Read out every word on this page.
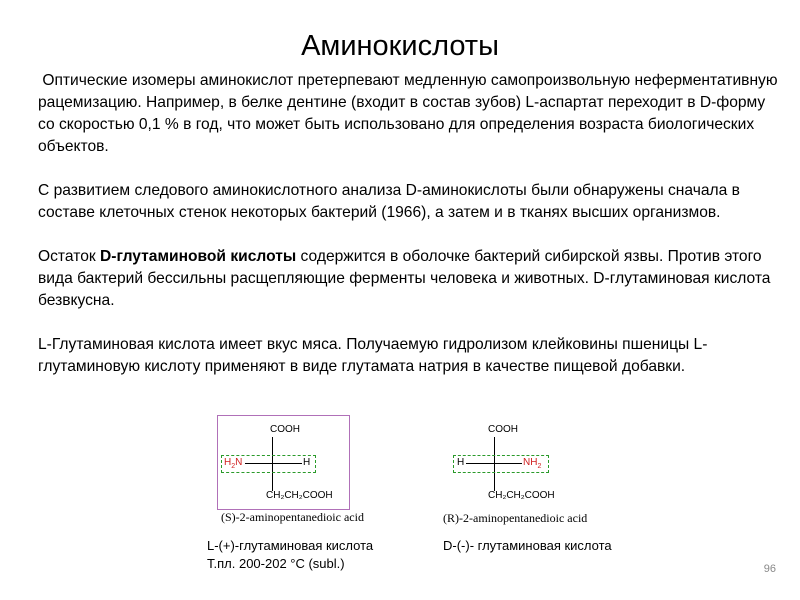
Аминокислоты

Оптические изомеры аминокислот претерпевают медленную самопроизвольную неферментативную рацемизацию. Например, в белке дентине (входит в состав зубов) L-аспартат переходит в D-форму со скоростью 0,1 % в год, что может быть использовано для определения возраста биологических объектов.

С развитием следового аминокислотного анализа D-аминокислоты были обнаружены сначала в составе клеточных стенок некоторых бактерий (1966), а затем и в тканях высших организмов.

Остаток D-глутаминовой кислоты содержится в оболочке бактерий сибирской язвы. Против этого вида бактерий бессильны расщепляющие ферменты человека и животных. D-глутаминовая кислота безвкусна.

L-Глутаминовая кислота имеет вкус мяса. Получаемую гидролизом клейковины пшеницы L-глутаминовую кислоту применяют в виде глутамата натрия в качестве пищевой добавки.

COOH
$H_2N$	H
CH₂CH₂COOH
(S)-2-aminopentanedioic acid
COOH
H	$NH_2$
CH₂CH₂COOH
(R)-2-aminopentanedioic acid
L-(+)-глутаминовая кислота
Т.пл. 200-202 °C (subl.)
D-(-)- глутаминовая кислота
96
